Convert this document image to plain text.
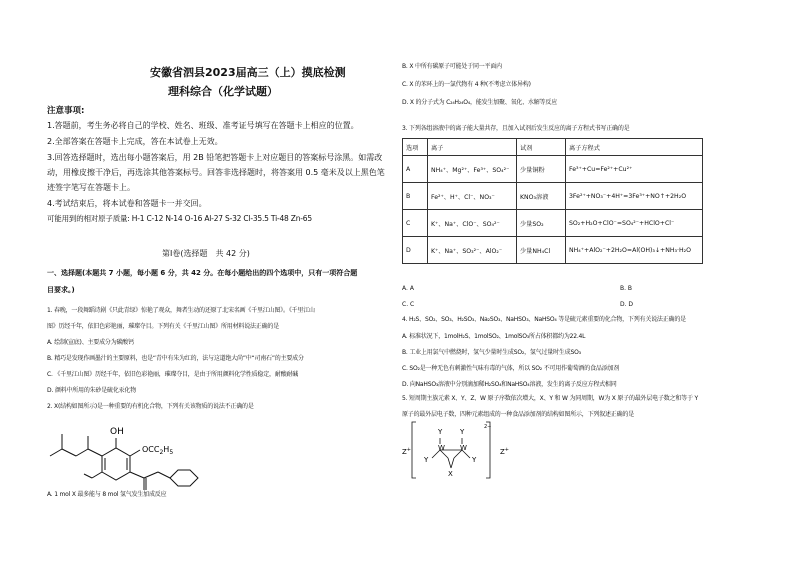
安徽省泗县2023届高三（上）摸底检测
理科综合（化学试题）
注意事项:
1.答题前，考生务必将自己的学校、姓名、班级、准考证号填写在答题卡上相应的位置。
2.全部答案在答题卡上完成，答在本试卷上无效。
3.回答选择题时，选出每小题答案后，用 2B 铅笔把答题卡上对应题目的答案标号涂黑。如需改
动，用橡皮擦干净后，再选涂其他答案标号。回答非选择题时，将答案用 0.5 毫米及以上黑色笔
迹签字笔写在答题卡上。
4.考试结束后，将本试卷和答题卡一并交回。
可能用到的相对原子质量: H-1 C-12 N-14 O-16 Al-27 S-32 Cl-35.5 Ti-48 Zn-65
第Ⅰ卷(选择题　共 42 分)
一、选择题(本题共 7 小题，每小题 6 分，共 42 分。在每小题给出的四个选项中，只有一项符合题
目要求。)
1. 春晚，一段舞蹈诗剧《只此青绿》惊艳了观众，舞者生动的还原了北宋名画《千里江山图》。《千里江山
图》历经千年，依旧色彩艳丽，璀璨夺目。下列有关《千里江山图》所用材料说法正确的是
A. 绘制(宣底)、主要成分为碳酸钙
B. 精巧是发现作画墨汁的主要原料，也是“青中有朱为红的，法与这道绝大尚”中“司南石”的主要成分
C. 《千里江山图》历经千年，依旧色彩艳丽，璀璨夺目，是由于所用颜料化学性质稳定，耐酸耐碱
D. 颜料中所用的朱砂是硫化汞化物
2. X(结构如图所示)是一种重要的有机化合物，下列有关该物质的说法不正确的是
OH
$OCC_2H_5$
A. 1 mol X 最多能与 8 mol 氢气发生加成反应
B. X 中所有碳原子可能处于同一平面内
C. X 的苯环上的一氯代物有 4 种(不考虑立体异构)
D. X 的分子式为 C₂₄H₂₄O₄，能发生加聚、氧化、水解等反应
3. 下列各组溶液中的离子能大量共存，且加入试剂后发生反应的离子方程式书写正确的是
选项	离子	试剂	离子方程式
A	NH₄⁺、Mg²⁺、Fe³⁺、SO₄²⁻	少量铜粉	Fe³⁺+Cu=Fe²⁺+Cu²⁺
B	Fe²⁺、H⁺、Cl⁻、NO₃⁻	KNO₃溶液	3Fe²⁺+NO₃⁻+4H⁺=3Fe³⁺+NO↑+2H₂O
C	K⁺、Na⁺、ClO⁻、SO₄²⁻	少量SO₂	SO₂+H₂O+ClO⁻=SO₄²⁻+HClO+Cl⁻
D	K⁺、Na⁺、SO₃²⁻、AlO₂⁻	少量NH₄Cl	NH₄⁺+AlO₂⁻+2H₂O=Al(OH)₃↓+NH₃·H₂O
A. A	B. B
C. C	D. D
4. H₂S、SO₂、SO₃、H₂SO₃、Na₂SO₃、NaHSO₃、NaHSO₄ 等是硫元素重要的化合物，下列有关说法正确的是
A. 标准状况下，1molH₂S、1molSO₂、1molSO₃所占体积都约为22.4L
B. 工业上用氯气中燃烧时，氢气少量时生成SO₂，氢气过量时生成SO₃
C. SO₂是一种无色有刺激性气味有毒的气体，所以 SO₂ 不可用作葡萄酒的食品添加剂
D. 向NaHSO₃溶液中分别滴加稀H₂SO₄和NaHSO₄溶液，发生的离子反应方程式相同
5. 短周期主族元素 X、Y、Z、W 原子序数依次增大，X、Y 和 W 为同周期，W为 X 原子的最外层电子数之和等于 Y
原子的最外层电子数，四种元素组成的一种食品添加剂的结构如图所示，下列叙述正确的是
Z+	Z+
Y	Y
W W
Y	Y
X
2−
